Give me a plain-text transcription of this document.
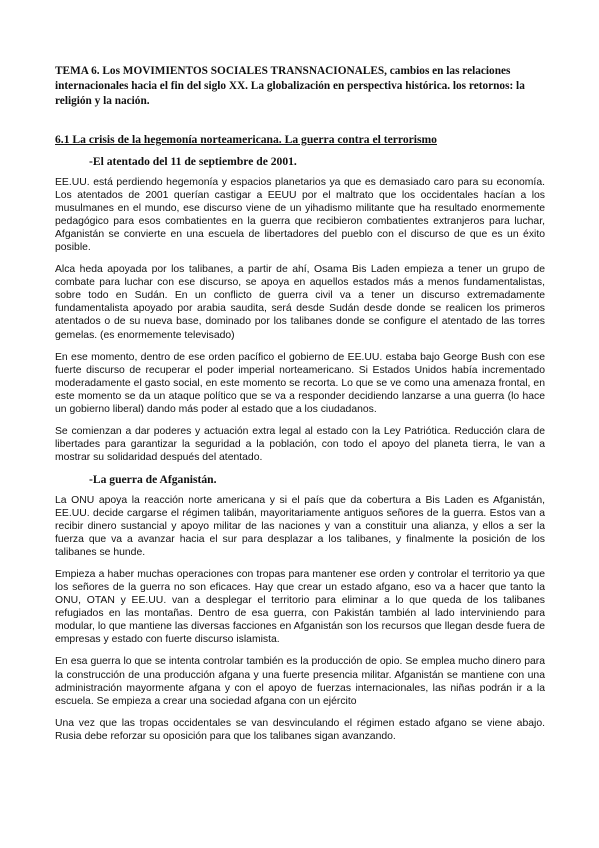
TEMA 6. Los MOVIMIENTOS SOCIALES TRANSNACIONALES, cambios en las relaciones internacionales hacia el fin del siglo XX. La globalización en perspectiva histórica. los retornos: la religión y la nación.

6.1 La crisis de la hegemonía norteamericana. La guerra contra el terrorismo

-El atentado del 11 de septiembre de 2001.

EE.UU. está perdiendo hegemonía y espacios planetarios ya que es demasiado caro para su economía. Los atentados de 2001 querían castigar a EEUU por el maltrato que los occidentales hacían a los musulmanes en el mundo, ese discurso viene de un yihadismo militante que ha resultado enormemente pedagógico para esos combatientes en la guerra que recibieron combatientes extranjeros para luchar, Afganistán se convierte en una escuela de libertadores del pueblo con el discurso de que es un éxito posible.

Alca heda apoyada por los talibanes, a partir de ahí, Osama Bis Laden empieza a tener un grupo de combate para luchar con ese discurso, se apoya en aquellos estados más a menos fundamentalistas, sobre todo en Sudán. En un conflicto de guerra civil va a tener un discurso extremadamente fundamentalista apoyado por arabia saudita, será desde Sudán desde donde se realicen los primeros atentados o de su nueva base, dominado por los talibanes donde se configure el atentado de las torres gemelas. (es enormemente televisado)

En ese momento, dentro de ese orden pacífico el gobierno de EE.UU. estaba bajo George Bush con ese fuerte discurso de recuperar el poder imperial norteamericano. Si Estados Unidos había incrementado moderadamente el gasto social, en este momento se recorta. Lo que se ve como una amenaza frontal, en este momento se da un ataque político que se va a responder decidiendo lanzarse a una guerra (lo hace un gobierno liberal) dando más poder al estado que a los ciudadanos.

Se comienzan a dar poderes y actuación extra legal al estado con la Ley Patriótica. Reducción clara de libertades para garantizar la seguridad a la población, con todo el apoyo del planeta tierra, le van a mostrar su solidaridad después del atentado.

-La guerra de Afganistán.

La ONU apoya la reacción norte americana y si el país que da cobertura a Bis Laden es Afganistán, EE.UU. decide cargarse el régimen talibán, mayoritariamente antiguos señores de la guerra. Estos van a recibir dinero sustancial y apoyo militar de las naciones y van a constituir una alianza, y ellos a ser la fuerza que va a avanzar hacia el sur para desplazar a los talibanes, y finalmente la posición de los talibanes se hunde.

Empieza a haber muchas operaciones con tropas para mantener ese orden y controlar el territorio ya que los señores de la guerra no son eficaces. Hay que crear un estado afgano, eso va a hacer que tanto la ONU, OTAN y EE.UU. van a desplegar el territorio para eliminar a lo que queda de los talibanes refugiados en las montañas. Dentro de esa guerra, con Pakistán también al lado interviniendo para modular, lo que mantiene las diversas facciones en Afganistán son los recursos que llegan desde fuera de empresas y estado con fuerte discurso islamista.

En esa guerra lo que se intenta controlar también es la producción de opio. Se emplea mucho dinero para la construcción de una producción afgana y una fuerte presencia militar. Afganistán se mantiene con una administración mayormente afgana y con el apoyo de fuerzas internacionales, las niñas podrán ir a la escuela. Se empieza a crear una sociedad afgana con un ejército

Una vez que las tropas occidentales se van desvinculando el régimen estado afgano se viene abajo. Rusia debe reforzar su oposición para que los talibanes sigan avanzando.
